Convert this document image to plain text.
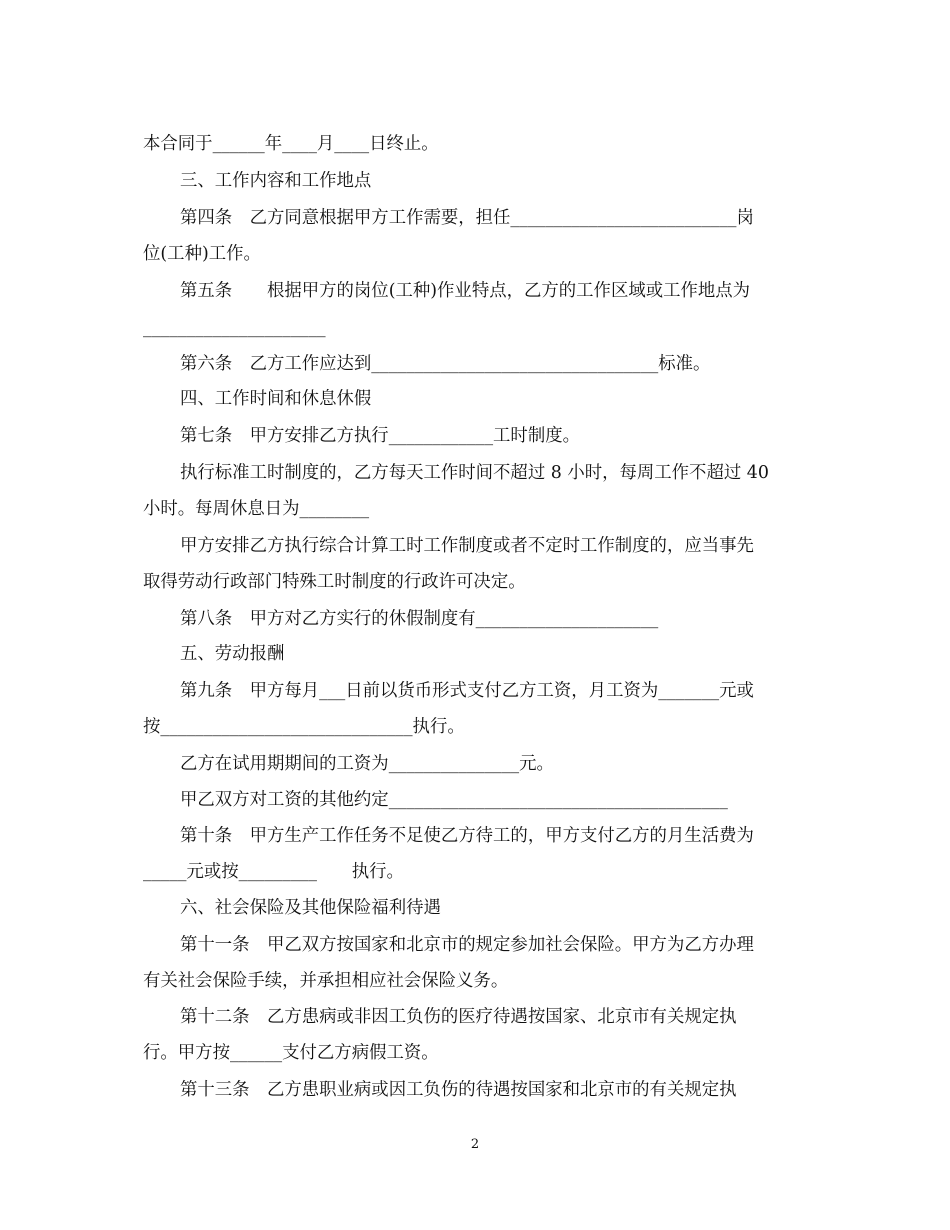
本合同于______年____月____日终止。
三、工作内容和工作地点
第四条　乙方同意根据甲方工作需要，担任__________________________岗
位(工种)工作。
第五条　　根据甲方的岗位(工种)作业特点，乙方的工作区域或工作地点为
_____________________
第六条　乙方工作应达到_________________________________标准。
四、工作时间和休息休假
第七条　甲方安排乙方执行____________工时制度。
执行标准工时制度的，乙方每天工作时间不超过 8 小时，每周工作不超过 40
小时。每周休息日为________
甲方安排乙方执行综合计算工时工作制度或者不定时工作制度的，应当事先
取得劳动行政部门特殊工时制度的行政许可决定。
第八条　甲方对乙方实行的休假制度有_____________________
五、劳动报酬
第九条　甲方每月___日前以货币形式支付乙方工资，月工资为_______元或
按_____________________________执行。
乙方在试用期期间的工资为_______________元。
甲乙双方对工资的其他约定_______________________________________
第十条　甲方生产工作任务不足使乙方待工的，甲方支付乙方的月生活费为
_____元或按_________　　执行。
六、社会保险及其他保险福利待遇
第十一条　甲乙双方按国家和北京市的规定参加社会保险。甲方为乙方办理
有关社会保险手续，并承担相应社会保险义务。
第十二条　乙方患病或非因工负伤的医疗待遇按国家、北京市有关规定执
行。甲方按______支付乙方病假工资。
第十三条　乙方患职业病或因工负伤的待遇按国家和北京市的有关规定执
2
